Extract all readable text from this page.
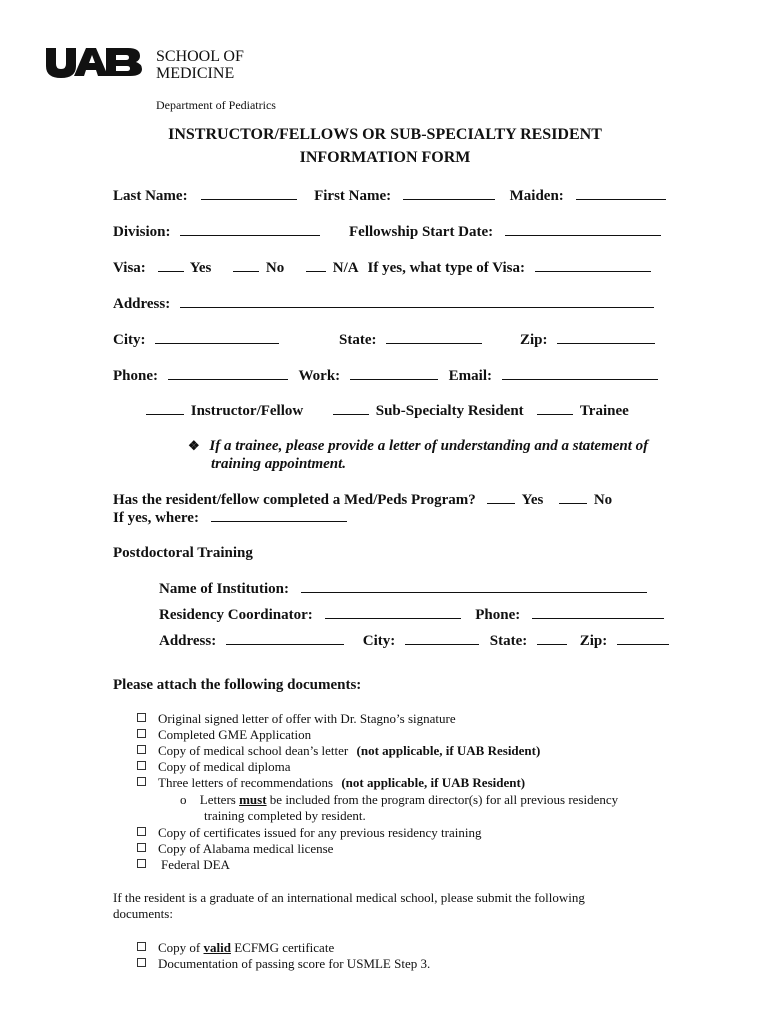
SCHOOL OF
MEDICINE
Department of Pediatrics
INSTRUCTOR/FELLOWS OR SUB-SPECIALTY RESIDENT
INFORMATION FORM
Last Name:	First Name:	Maiden:
Division:	Fellowship Start Date:
Visa:	Yes	No	N/A If yes, what type of Visa:
Address:
City:	State:	Zip:
Phone:	Work:	Email:
Instructor/Fellow	Sub-Specialty Resident	Trainee
❖ If a trainee, please provide a letter of understanding and a statement of
training appointment.
Has the resident/fellow completed a Med/Peds Program?	Yes	No
If yes, where:
Postdoctoral Training
Name of Institution:
Residency Coordinator:	Phone:
Address:	City:	State:	Zip:
Please attach the following documents:
Original signed letter of offer with Dr. Stagno’s signature
Completed GME Application
Copy of medical school dean’s letter (not applicable, if UAB Resident)
Copy of medical diploma
Three letters of recommendations (not applicable, if UAB Resident)
o Letters must be included from the program director(s) for all previous residency
training completed by resident.
Copy of certificates issued for any previous residency training
Copy of Alabama medical license
Federal DEA
If the resident is a graduate of an international medical school, please submit the following
documents:
Copy of valid ECFMG certificate
Documentation of passing score for USMLE Step 3.
